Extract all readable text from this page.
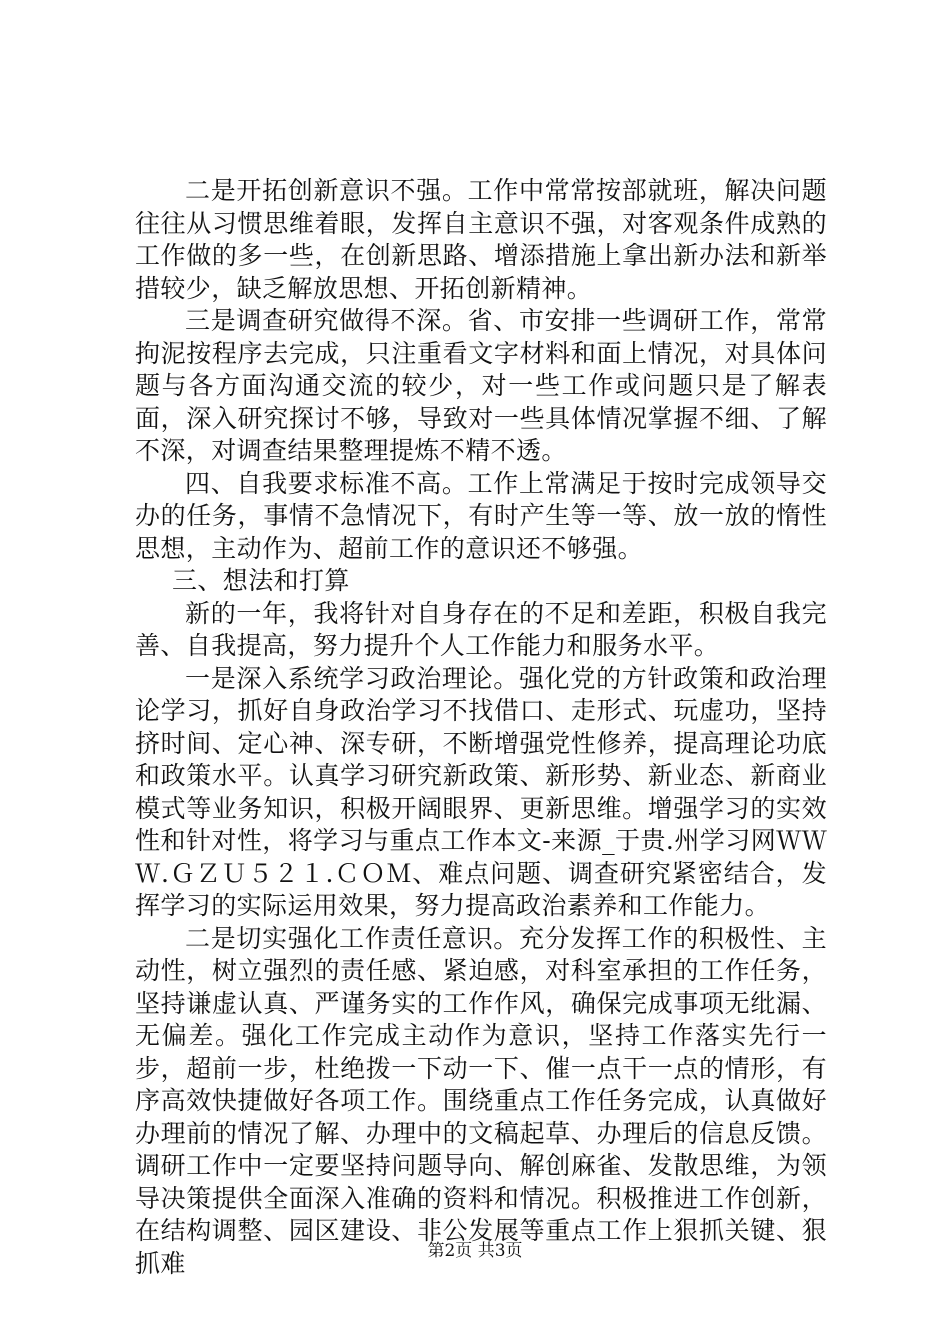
二是开拓创新意识不强。工作中常常按部就班，解决问题往往从习惯思维着眼，发挥自主意识不强，对客观条件成熟的工作做的多一些，在创新思路、增添措施上拿出新办法和新举措较少，缺乏解放思想、开拓创新精神。

三是调查研究做得不深。省、市安排一些调研工作，常常拘泥按程序去完成，只注重看文字材料和面上情况，对具体问题与各方面沟通交流的较少，对一些工作或问题只是了解表面，深入研究探讨不够，导致对一些具体情况掌握不细、了解不深，对调查结果整理提炼不精不透。

四、自我要求标准不高。工作上常满足于按时完成领导交办的任务，事情不急情况下，有时产生等一等、放一放的惰性思想，主动作为、超前工作的意识还不够强。

三、想法和打算

新的一年，我将针对自身存在的不足和差距，积极自我完善、自我提高，努力提升个人工作能力和服务水平。

一是深入系统学习政治理论。强化党的方针政策和政治理论学习，抓好自身政治学习不找借口、走形式、玩虚功，坚持挤时间、定心神、深专研，不断增强党性修养，提高理论功底和政策水平。认真学习研究新政策、新形势、新业态、新商业模式等业务知识，积极开阔眼界、更新思维。增强学习的实效性和针对性，将学习与重点工作本文-来源_于贵.州学习网ＷＷＷ.ＧＺＵ５２１.ＣＯＭ、难点问题、调查研究紧密结合，发挥学习的实际运用效果，努力提高政治素养和工作能力。

二是切实强化工作责任意识。充分发挥工作的积极性、主动性，树立强烈的责任感、紧迫感，对科室承担的工作任务，坚持谦虚认真、严谨务实的工作作风，确保完成事项无纰漏、无偏差。强化工作完成主动作为意识，坚持工作落实先行一步，超前一步，杜绝拨一下动一下、催一点干一点的情形，有序高效快捷做好各项工作。围绕重点工作任务完成，认真做好办理前的情况了解、办理中的文稿起草、办理后的信息反馈。调研工作中一定要坚持问题导向、解创麻雀、发散思维，为领导决策提供全面深入准确的资料和情况。积极推进工作创新，在结构调整、园区建设、非公发展等重点工作上狠抓关键、狠抓难	第2页 共3页
